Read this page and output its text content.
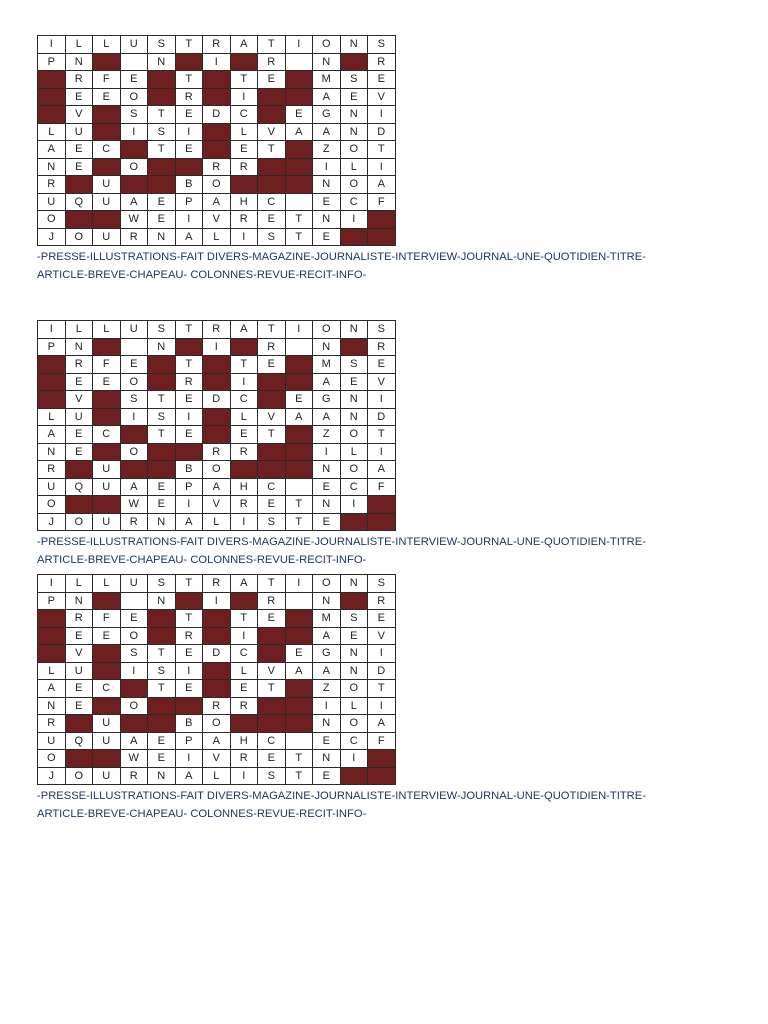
I	L	L	U	S	T	R	A	T	I	O	N	S
P	N			N		I		R		N		R
	R	F	E		T		T	E		M	S	E
	E	E	O		R		I			A	E	V
	V		S	T	E	D	C		E	G	N	I
L	U		I	S	I		L	V	A	A	N	D
A	E	C		T	E		E	T		Z	O	T
N	E		O			R	R			I	L	I
R		U			B	O				N	O	A
U	Q	U	A	E	P	A	H	C		E	C	F
O			W	E	I	V	R	E	T	N	I	
J	O	U	R	N	A	L	I	S	T	E		
-PRESSE-ILLUSTRATIONS-FAIT DIVERS-MAGAZINE-JOURNALISTE-INTERVIEW-JOURNAL-UNE-QUOTIDIEN-TITRE-
ARTICLE-BREVE-CHAPEAU- COLONNES-REVUE-RECIT-INFO-
I	L	L	U	S	T	R	A	T	I	O	N	S
P	N			N		I		R		N		R
	R	F	E		T		T	E		M	S	E
	E	E	O		R		I			A	E	V
	V		S	T	E	D	C		E	G	N	I
L	U		I	S	I		L	V	A	A	N	D
A	E	C		T	E		E	T		Z	O	T
N	E		O			R	R			I	L	I
R		U			B	O				N	O	A
U	Q	U	A	E	P	A	H	C		E	C	F
O			W	E	I	V	R	E	T	N	I	
J	O	U	R	N	A	L	I	S	T	E		
-PRESSE-ILLUSTRATIONS-FAIT DIVERS-MAGAZINE-JOURNALISTE-INTERVIEW-JOURNAL-UNE-QUOTIDIEN-TITRE-
ARTICLE-BREVE-CHAPEAU- COLONNES-REVUE-RECIT-INFO-
I	L	L	U	S	T	R	A	T	I	O	N	S
P	N			N		I		R		N		R
	R	F	E		T		T	E		M	S	E
	E	E	O		R		I			A	E	V
	V		S	T	E	D	C		E	G	N	I
L	U		I	S	I		L	V	A	A	N	D
A	E	C		T	E		E	T		Z	O	T
N	E		O			R	R			I	L	I
R		U			B	O				N	O	A
U	Q	U	A	E	P	A	H	C		E	C	F
O			W	E	I	V	R	E	T	N	I	
J	O	U	R	N	A	L	I	S	T	E		
-PRESSE-ILLUSTRATIONS-FAIT DIVERS-MAGAZINE-JOURNALISTE-INTERVIEW-JOURNAL-UNE-QUOTIDIEN-TITRE-
ARTICLE-BREVE-CHAPEAU- COLONNES-REVUE-RECIT-INFO-
